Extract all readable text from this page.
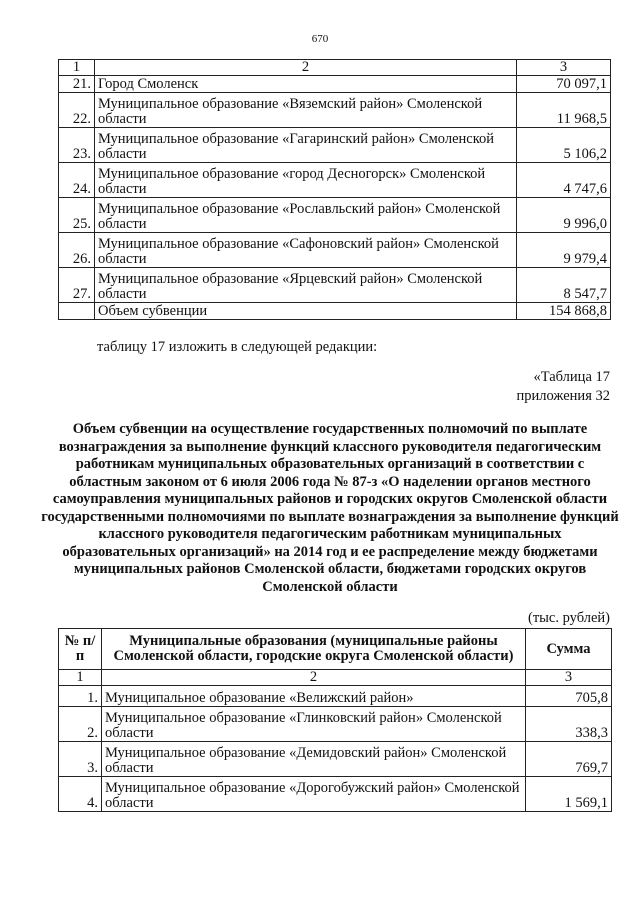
670
1	2	3
21.	Город Смоленск	70 097,1
22.	Муниципальное образование «Вяземский район» Смоленской области	11 968,5
23.	Муниципальное образование «Гагаринский район» Смоленской области	5 106,2
24.	Муниципальное образование «город Десногорск» Смоленской области	4 747,6
25.	Муниципальное образование «Рославльский район» Смоленской области	9 996,0
26.	Муниципальное образование «Сафоновский район» Смоленской области	9 979,4
27.	Муниципальное образование «Ярцевский район» Смоленской области	8 547,7
	Объем субвенции	154 868,8
таблицу 17 изложить в следующей редакции:
«Таблица 17
приложения 32
Объем субвенции на осуществление государственных полномочий по выплате вознаграждения за выполнение функций классного руководителя педагогическим работникам муниципальных образовательных организаций в соответствии с областным законом от 6 июля 2006 года № 87-з «О наделении органов местного самоуправления муниципальных районов и городских округов Смоленской области государственными полномочиями по выплате вознаграждения за выполнение функций классного руководителя педагогическим работникам муниципальных образовательных организаций» на 2014 год и ее распределение между бюджетами муниципальных районов Смоленской области, бюджетами городских округов Смоленской области
(тыс. рублей)
№ п/п	Муниципальные образования (муниципальные районы Смоленской области, городские округа Смоленской области)	Сумма
1	2	3
1.	Муниципальное образование «Велижский район»	705,8
2.	Муниципальное образование «Глинковский район» Смоленской области	338,3
3.	Муниципальное образование «Демидовский район» Смоленской области	769,7
4.	Муниципальное образование «Дорогобужский район» Смоленской области	1 569,1
